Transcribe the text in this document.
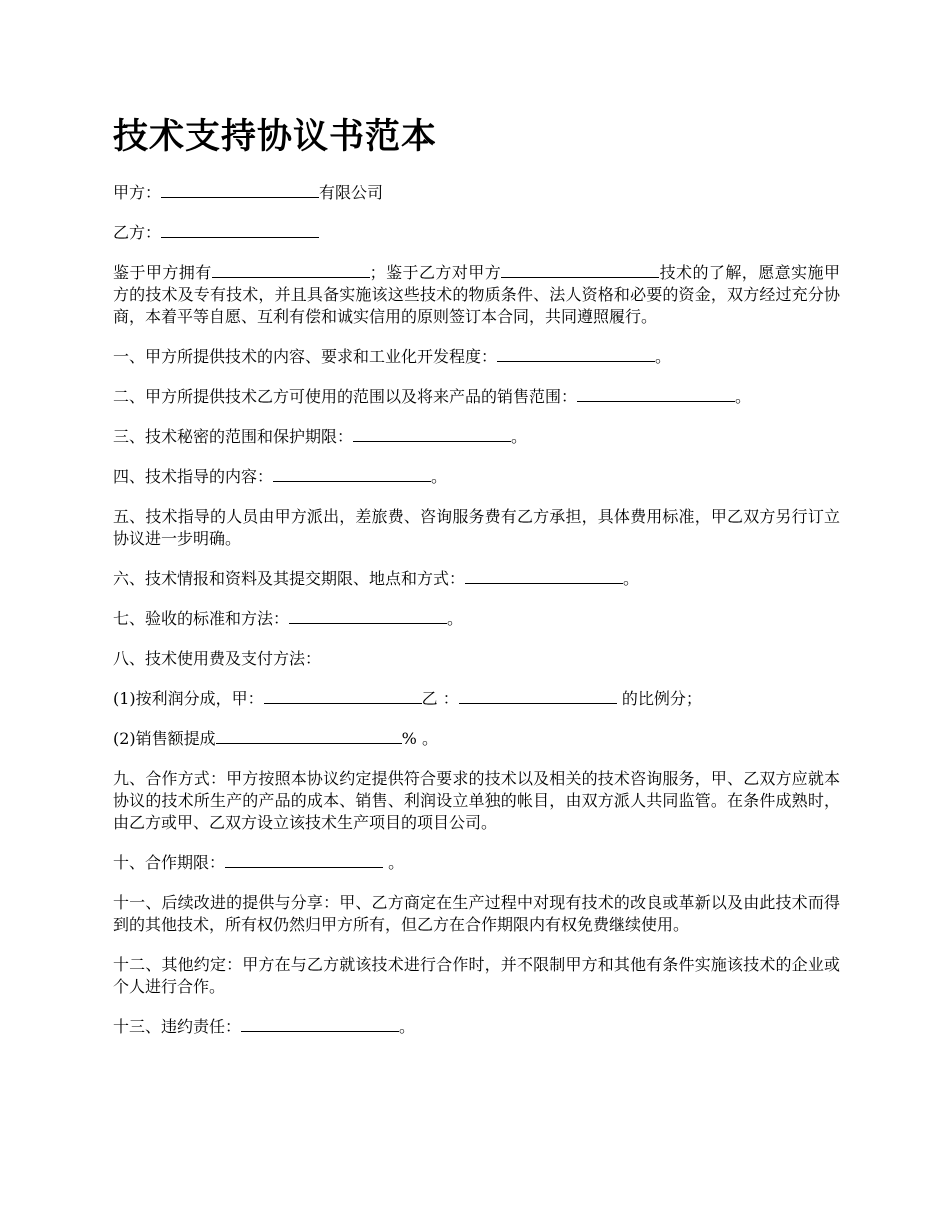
技术支持协议书范本

甲方：	有限公司

乙方：

鉴于甲方拥有	；鉴于乙方对甲方	技术的了解，愿意实施甲方的技术及专有技术，并且具备实施该这些技术的物质条件、法人资格和必要的资金，双方经过充分协商，本着平等自愿、互利有偿和诚实信用的原则签订本合同，共同遵照履行。

一、甲方所提供技术的内容、要求和工业化开发程度：	。

二、甲方所提供技术乙方可使用的范围以及将来产品的销售范围：	。

三、技术秘密的范围和保护期限：	。

四、技术指导的内容：	。

五、技术指导的人员由甲方派出，差旅费、咨询服务费有乙方承担，具体费用标准，甲乙双方另行订立协议进一步明确。

六、技术情报和资料及其提交期限、地点和方式：	。

七、验收的标准和方法：	。

八、技术使用费及支付方法：

(1)按利润分成，甲：	乙 ：	的比例分；

(2)销售额提成	% 。

九、合作方式：甲方按照本协议约定提供符合要求的技术以及相关的技术咨询服务，甲、乙双方应就本协议的技术所生产的产品的成本、销售、利润设立单独的帐目，由双方派人共同监管。在条件成熟时，由乙方或甲、乙双方设立该技术生产项目的项目公司。

十、合作期限：	。

十一、后续改进的提供与分享：甲、乙方商定在生产过程中对现有技术的改良或革新以及由此技术而得到的其他技术，所有权仍然归甲方所有，但乙方在合作期限内有权免费继续使用。

十二、其他约定：甲方在与乙方就该技术进行合作时，并不限制甲方和其他有条件实施该技术的企业或个人进行合作。

十三、违约责任：	。
